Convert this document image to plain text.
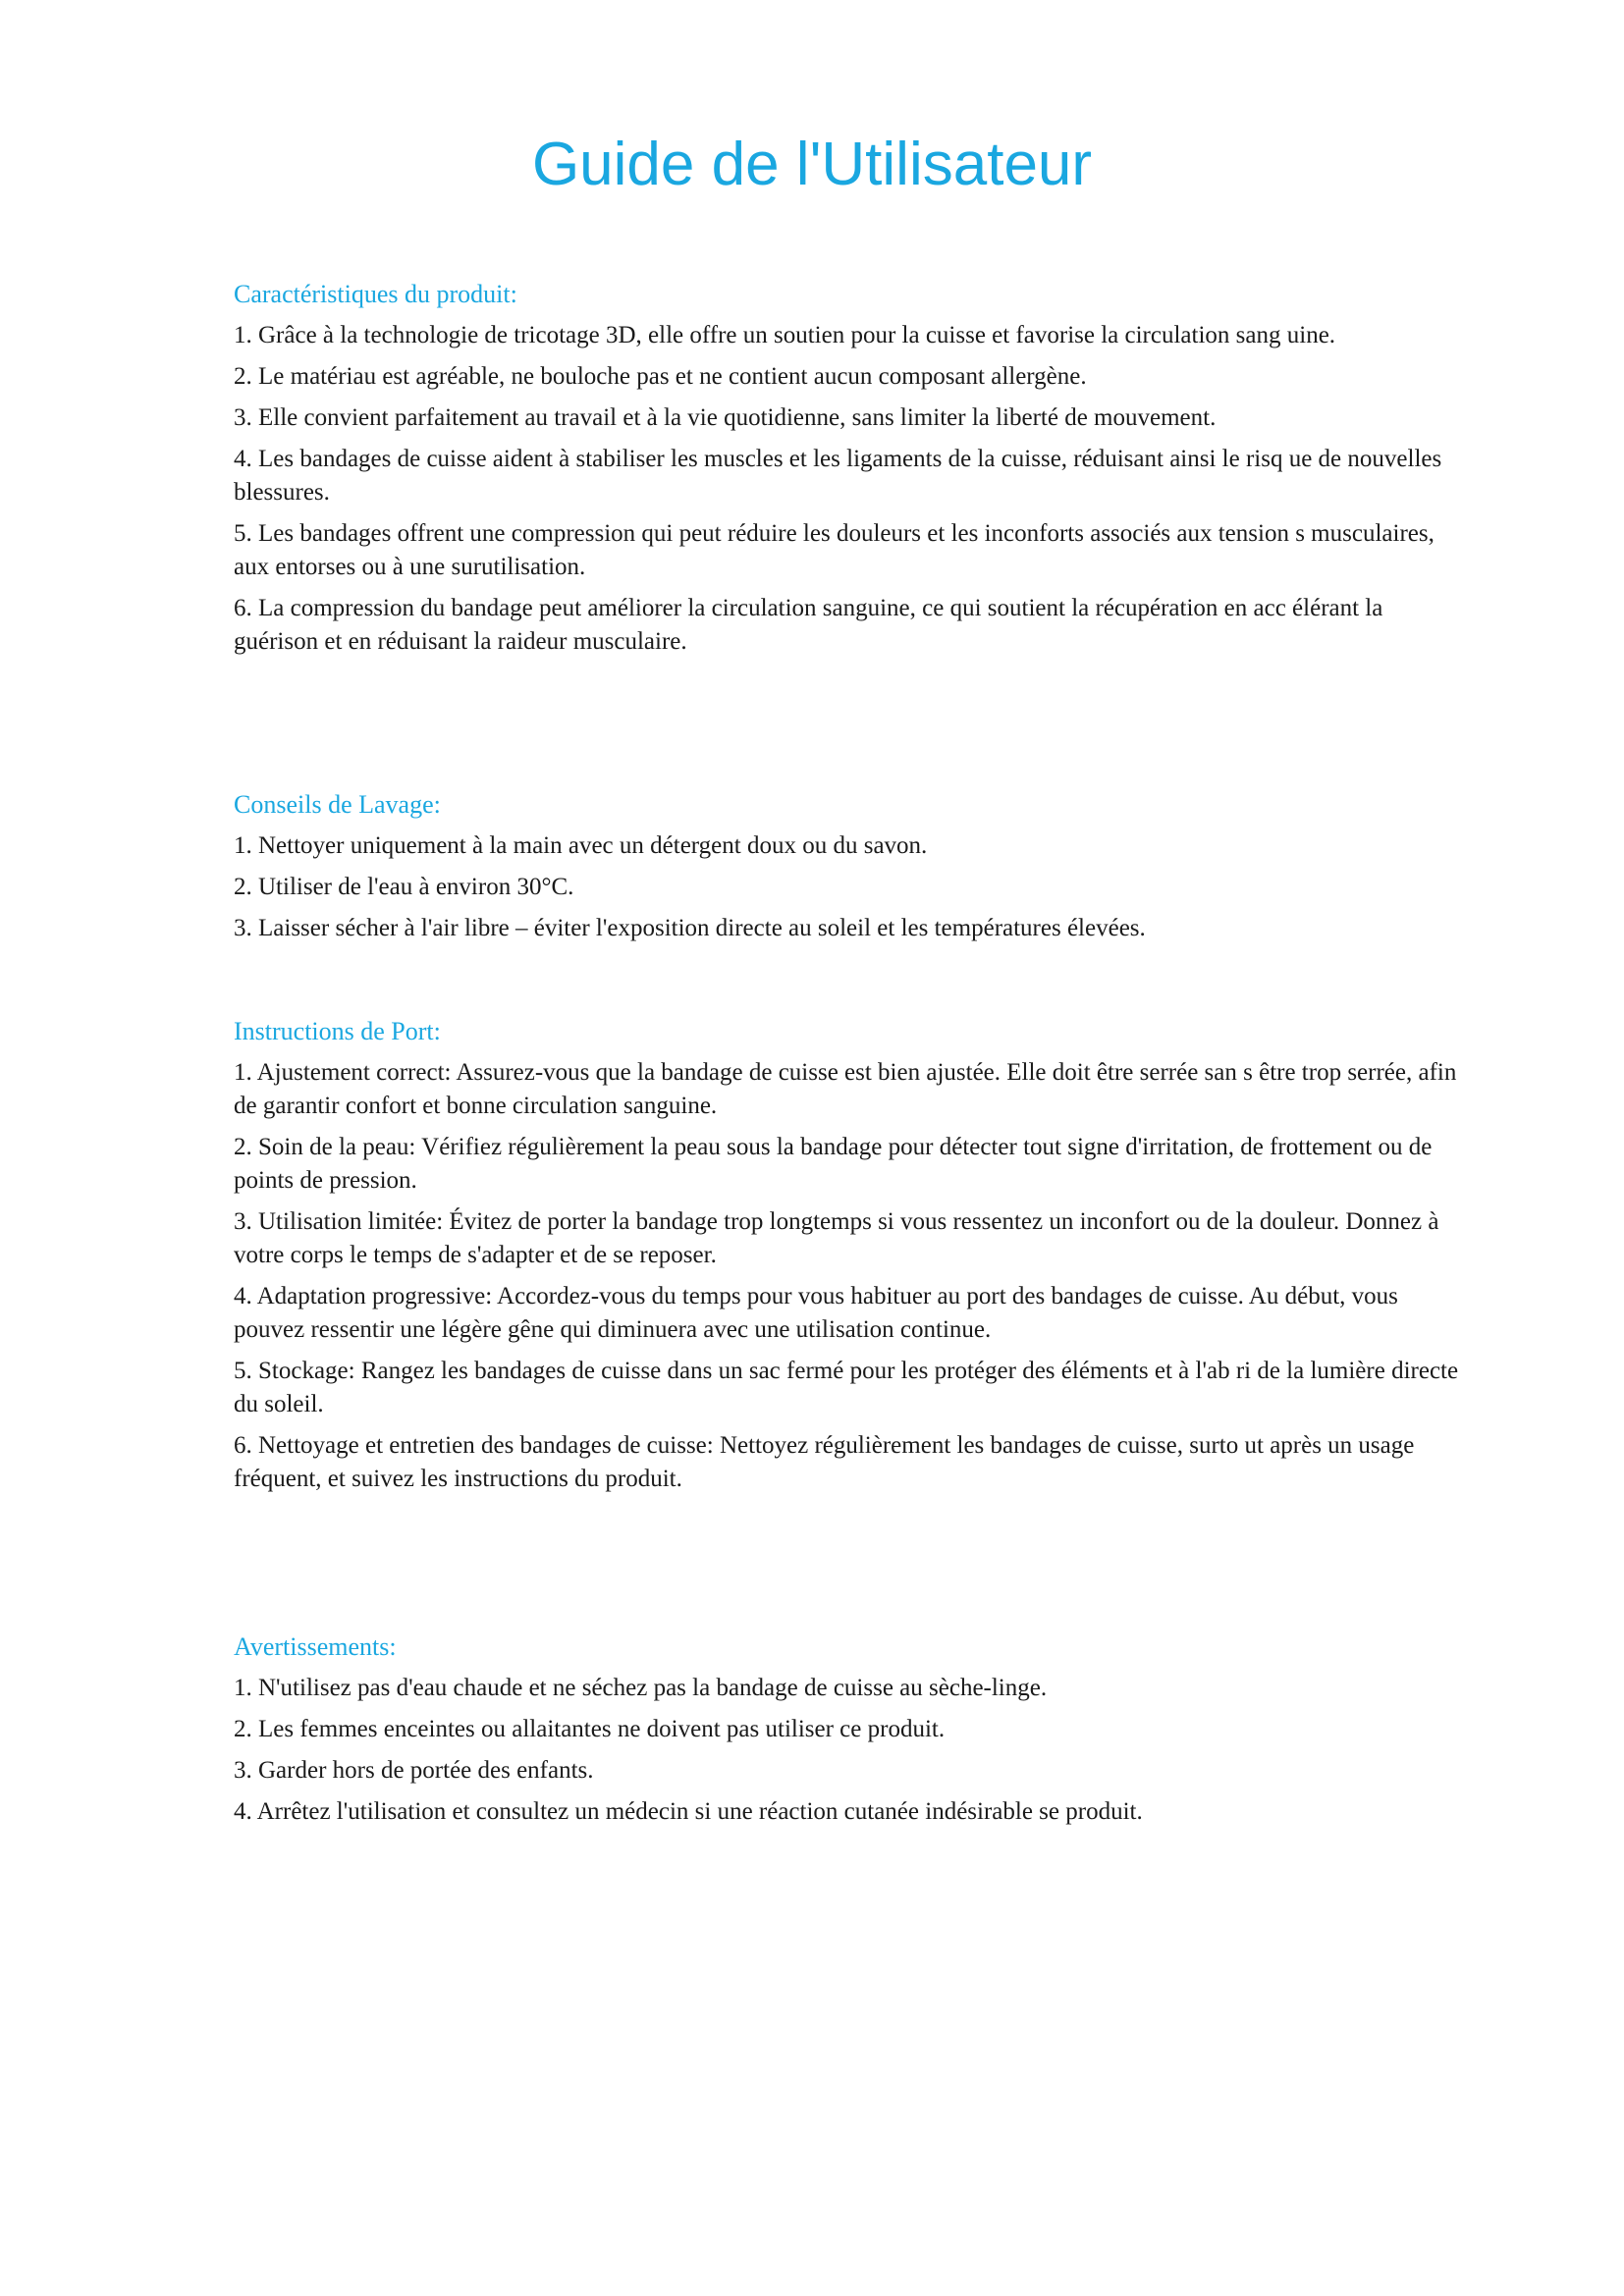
Guide de l'Utilisateur
Caractéristiques du produit:

1. Grâce à la technologie de tricotage 3D, elle offre un soutien pour la cuisse et favorise la circulation sang uine.

2. Le matériau est agréable, ne bouloche pas et ne contient aucun composant allergène.

3. Elle convient parfaitement au travail et à la vie quotidienne, sans limiter la liberté de mouvement.

4. Les bandages de cuisse aident à stabiliser les muscles et les ligaments de la cuisse, réduisant ainsi le risq ue de nouvelles blessures.

5. Les bandages offrent une compression qui peut réduire les douleurs et les inconforts associés aux tension s musculaires, aux entorses ou à une surutilisation.

6. La compression du bandage peut améliorer la circulation sanguine, ce qui soutient la récupération en acc élérant la guérison et en réduisant la raideur musculaire.

Conseils de Lavage:

1. Nettoyer uniquement à la main avec un détergent doux ou du savon.

2. Utiliser de l'eau à environ 30°C.

3. Laisser sécher à l'air libre – éviter l'exposition directe au soleil et les températures élevées.

Instructions de Port:

1. Ajustement correct: Assurez-vous que la bandage de cuisse est bien ajustée. Elle doit être serrée san s être trop serrée, afin de garantir confort et bonne circulation sanguine.

2. Soin de la peau: Vérifiez régulièrement la peau sous la bandage pour détecter tout signe d'irritation, de frottement ou de points de pression.

3. Utilisation limitée: Évitez de porter la bandage trop longtemps si vous ressentez un inconfort ou de la douleur. Donnez à votre corps le temps de s'adapter et de se reposer.

4. Adaptation progressive: Accordez-vous du temps pour vous habituer au port des bandages de cuisse. Au début, vous pouvez ressentir une légère gêne qui diminuera avec une utilisation continue.

5. Stockage: Rangez les bandages de cuisse dans un sac fermé pour les protéger des éléments et à l'ab ri de la lumière directe du soleil.

6. Nettoyage et entretien des bandages de cuisse: Nettoyez régulièrement les bandages de cuisse, surto ut après un usage fréquent, et suivez les instructions du produit.

Avertissements:

1. N'utilisez pas d'eau chaude et ne séchez pas la bandage de cuisse au sèche-linge.

2. Les femmes enceintes ou allaitantes ne doivent pas utiliser ce produit.

3. Garder hors de portée des enfants.

4. Arrêtez l'utilisation et consultez un médecin si une réaction cutanée indésirable se produit.
